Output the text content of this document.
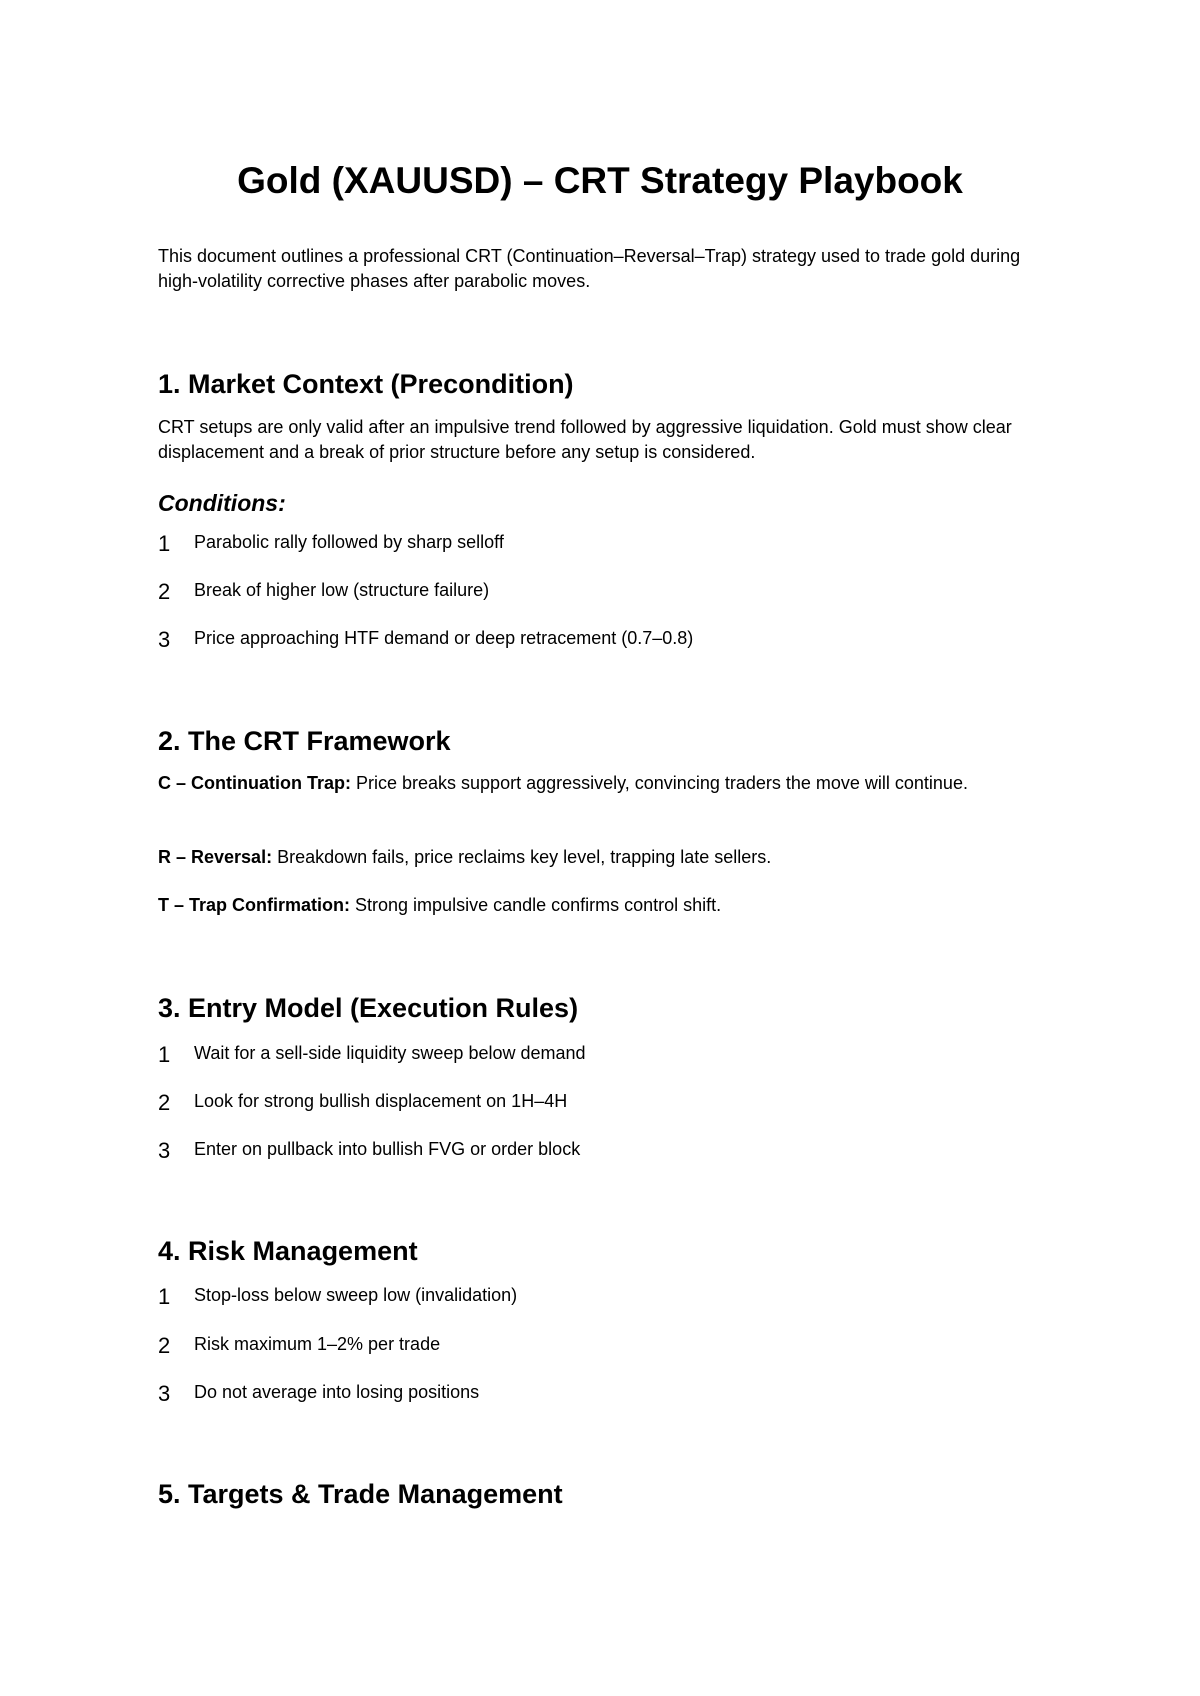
Gold (XAUUSD) – CRT Strategy Playbook

This document outlines a professional CRT (Continuation–Reversal–Trap) strategy used to trade gold during high-volatility corrective phases after parabolic moves.

1. Market Context (Precondition)

CRT setups are only valid after an impulsive trend followed by aggressive liquidation. Gold must show clear displacement and a break of prior structure before any setup is considered.

Conditions:
1 Parabolic rally followed by sharp selloff
2 Break of higher low (structure failure)
3 Price approaching HTF demand or deep retracement (0.7–0.8)
2. The CRT Framework

C – Continuation Trap: Price breaks support aggressively, convincing traders the move will continue.

R – Reversal: Breakdown fails, price reclaims key level, trapping late sellers.

T – Trap Confirmation: Strong impulsive candle confirms control shift.

3. Entry Model (Execution Rules)
1 Wait for a sell-side liquidity sweep below demand
2 Look for strong bullish displacement on 1H–4H
3 Enter on pullback into bullish FVG or order block
4. Risk Management
1 Stop-loss below sweep low (invalidation)
2 Risk maximum 1–2% per trade
3 Do not average into losing positions
5. Targets & Trade Management
